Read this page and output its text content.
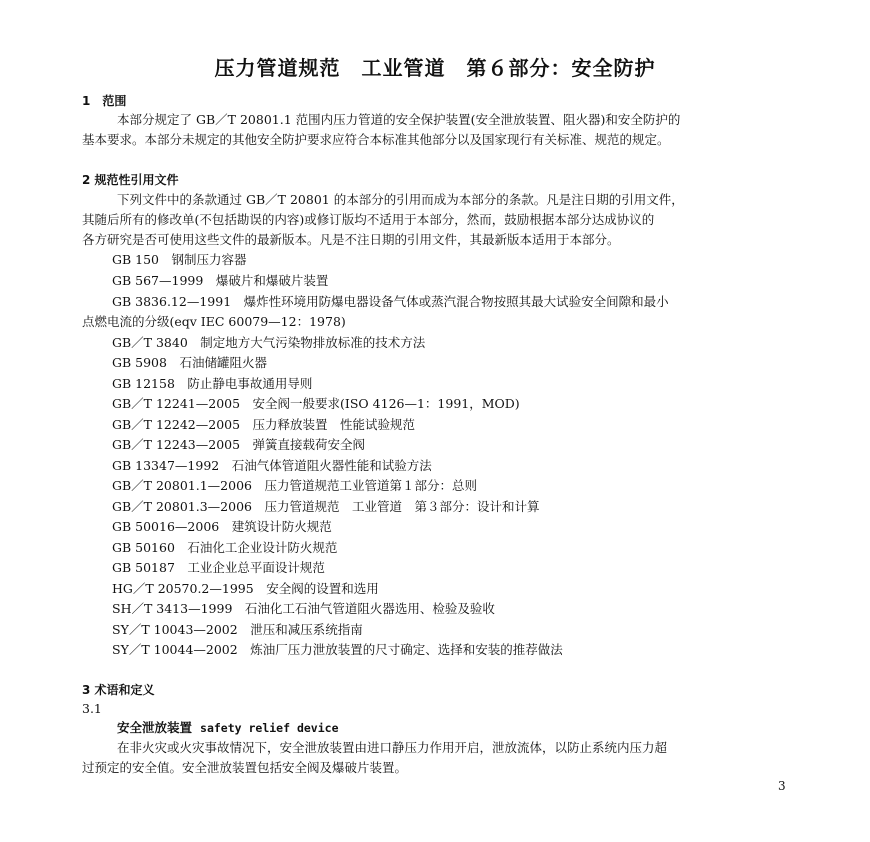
压力管道规范　工业管道　第６部分：安全防护
1　范围
本部分规定了 GB／T 20801.1 范围内压力管道的安全保护装置(安全泄放装置、阻火器)和安全防护的
基本要求。本部分未规定的其他安全防护要求应符合本标准其他部分以及国家现行有关标准、规范的规定。
2 规范性引用文件
下列文件中的条款通过 GB／T 20801 的本部分的引用而成为本部分的条款。凡是注日期的引用文件，
其随后所有的修改单(不包括勘误的内容)或修订版均不适用于本部分，然而，鼓励根据本部分达成协议的
各方研究是否可使用这些文件的最新版本。凡是不注日期的引用文件，其最新版本适用于本部分。
GB 150　钢制压力容器
GB 567—1999　爆破片和爆破片装置
GB 3836.12—1991　爆炸性环境用防爆电器设备气体或蒸汽混合物按照其最大试验安全间隙和最小
点燃电流的分级(eqv IEC 60079—12：1978)
GB／T 3840　制定地方大气污染物排放标准的技术方法
GB 5908　石油储罐阻火器
GB 12158　防止静电事故通用导则
GB／T 12241—2005　安全阀一般要求(ISO 4126—1：1991，MOD)
GB／T 12242—2005　压力释放装置　性能试验规范
GB／T 12243—2005　弹簧直接载荷安全阀
GB 13347—1992　石油气体管道阻火器性能和试验方法
GB／T 20801.1—2006　压力管道规范工业管道第１部分：总则
GB／T 20801.3—2006　压力管道规范　工业管道　第３部分：设计和计算
GB 50016—2006　建筑设计防火规范
GB 50160　石油化工企业设计防火规范
GB 50187　工业企业总平面设计规范
HG／T 20570.2—1995　安全阀的设置和选用
SH／T 3413—1999　石油化工石油气管道阻火器选用、检验及验收
SY／T 10043—2002　泄压和减压系统指南
SY／T 10044—2002　炼油厂压力泄放装置的尺寸确定、选择和安装的推荐做法
3 术语和定义
3.1
安全泄放装置 safety relief device
在非火灾或火灾事故情况下，安全泄放装置由进口静压力作用开启，泄放流体，以防止系统内压力超
过预定的安全值。安全泄放装置包括安全阀及爆破片装置。
3
